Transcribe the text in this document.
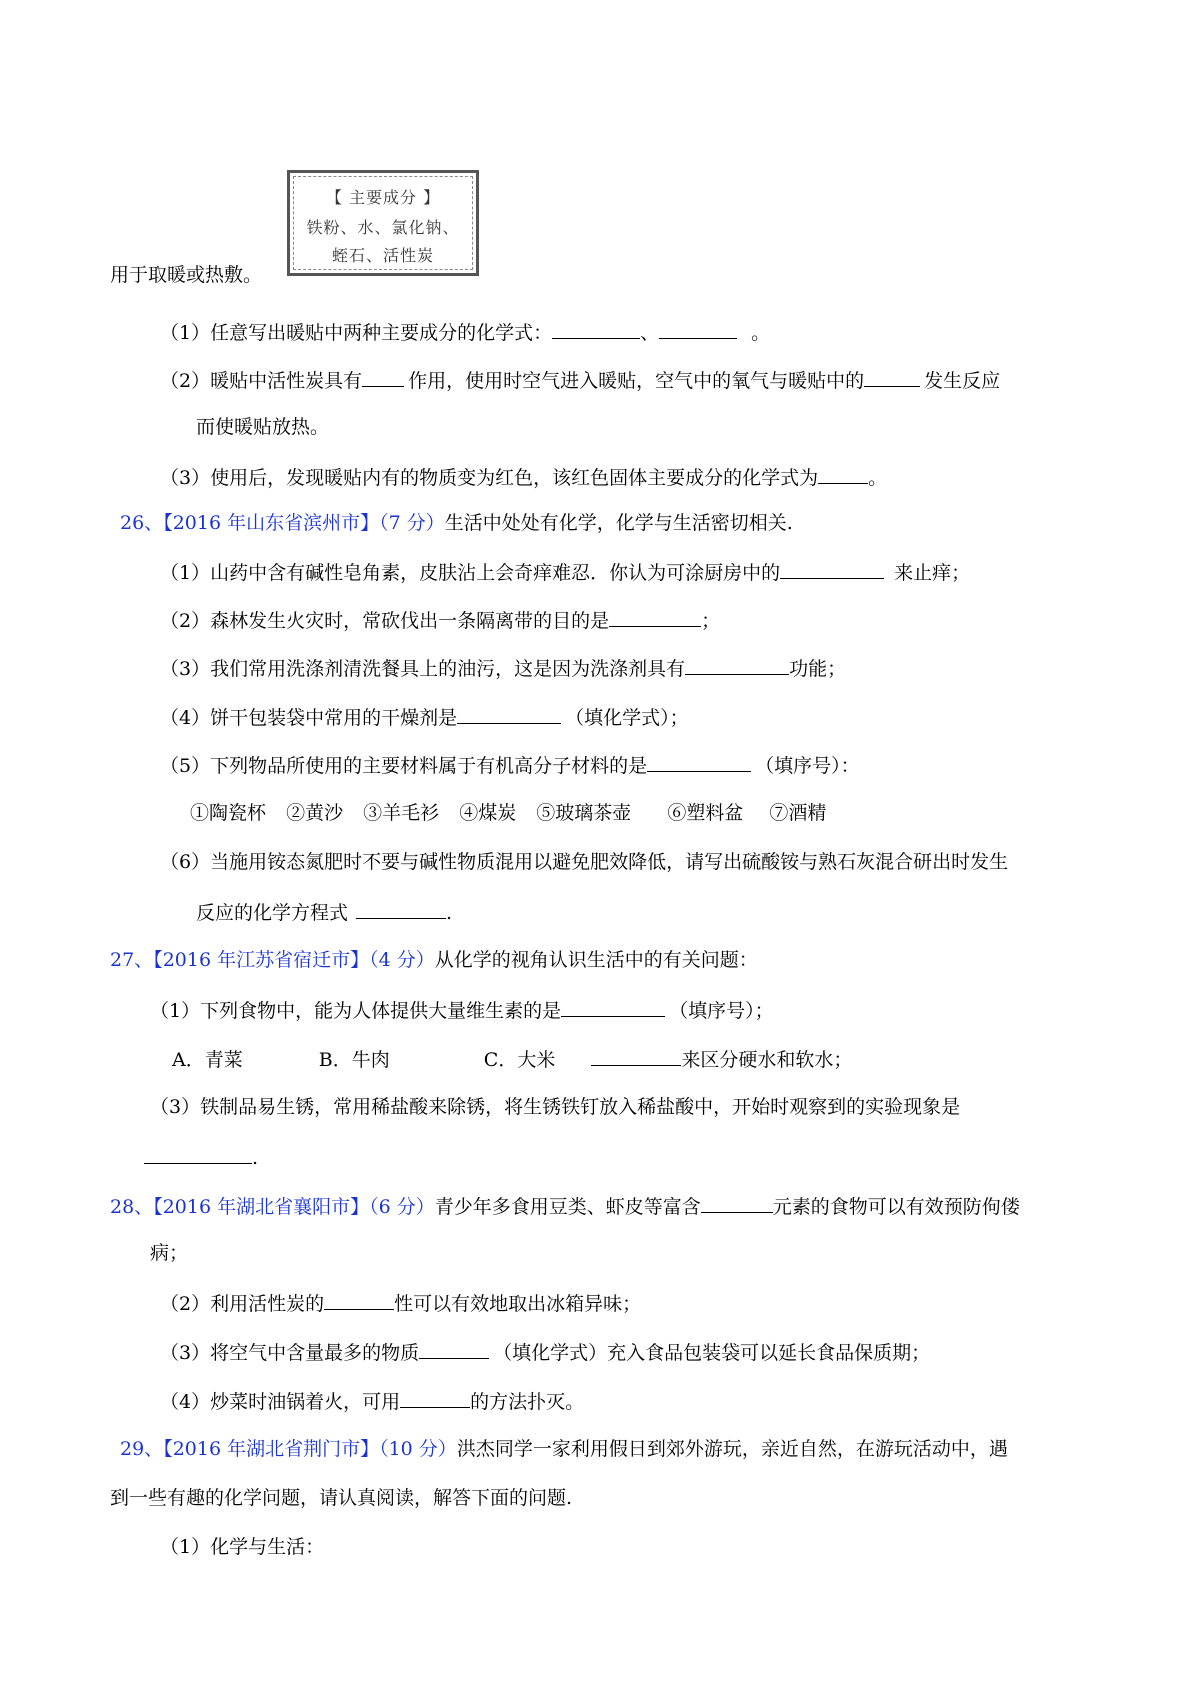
【 主要成分 】
铁粉、水、氯化钠、
蛭石、活性炭
用于取暖或热敷。
（1）任意写出暖贴中两种主要成分的化学式：	、	。
（2）暖贴中活性炭具有 作用，使用时空气进入暖贴，空气中的氧气与暖贴中的	发生反应
而使暖贴放热。
（3）使用后，发现暖贴内有的物质变为红色，该红色固体主要成分的化学式为	。
26、【2016 年山东省滨州市】（7 分）生活中处处有化学，化学与生活密切相关.
（1）山药中含有碱性皂角素，皮肤沾上会奇痒难忍．你认为可涂厨房中的	来止痒；
（2）森林发生火灾时，常砍伐出一条隔离带的目的是	；
（3）我们常用洗涤剂清洗餐具上的油污，这是因为洗涤剂具有	功能；
（4）饼干包装袋中常用的干燥剂是	（填化学式）；
（5）下列物品所使用的主要材料属于有机高分子材料的是	（填序号）：
①陶瓷杯 ②黄沙 ③羊毛衫 ④煤炭 ⑤玻璃茶壶 ⑥塑料盆 ⑦酒精
（6）当施用铵态氮肥时不要与碱性物质混用以避免肥效降低，请写出硫酸铵与熟石灰混合研出时发生
反应的化学方程式	.
27、【2016 年江苏省宿迁市】（4 分）从化学的视角认识生活中的有关问题：
（1）下列食物中，能为人体提供大量维生素的是	（填序号）；
A．青菜	B．牛肉	C．大米	来区分硬水和软水；
（3）铁制品易生锈，常用稀盐酸来除锈，将生锈铁钉放入稀盐酸中，开始时观察到的实验现象是
.
28、【2016 年湖北省襄阳市】（6 分）青少年多食用豆类、虾皮等富含	元素的食物可以有效预防佝偻
病；
（2）利用活性炭的	性可以有效地取出冰箱异味；
（3）将空气中含量最多的物质	（填化学式）充入食品包装袋可以延长食品保质期；
（4）炒菜时油锅着火，可用	的方法扑灭。
29、【2016 年湖北省荆门市】（10 分）洪杰同学一家利用假日到郊外游玩，亲近自然，在游玩活动中，遇
到一些有趣的化学问题，请认真阅读，解答下面的问题.
（1）化学与生活：
